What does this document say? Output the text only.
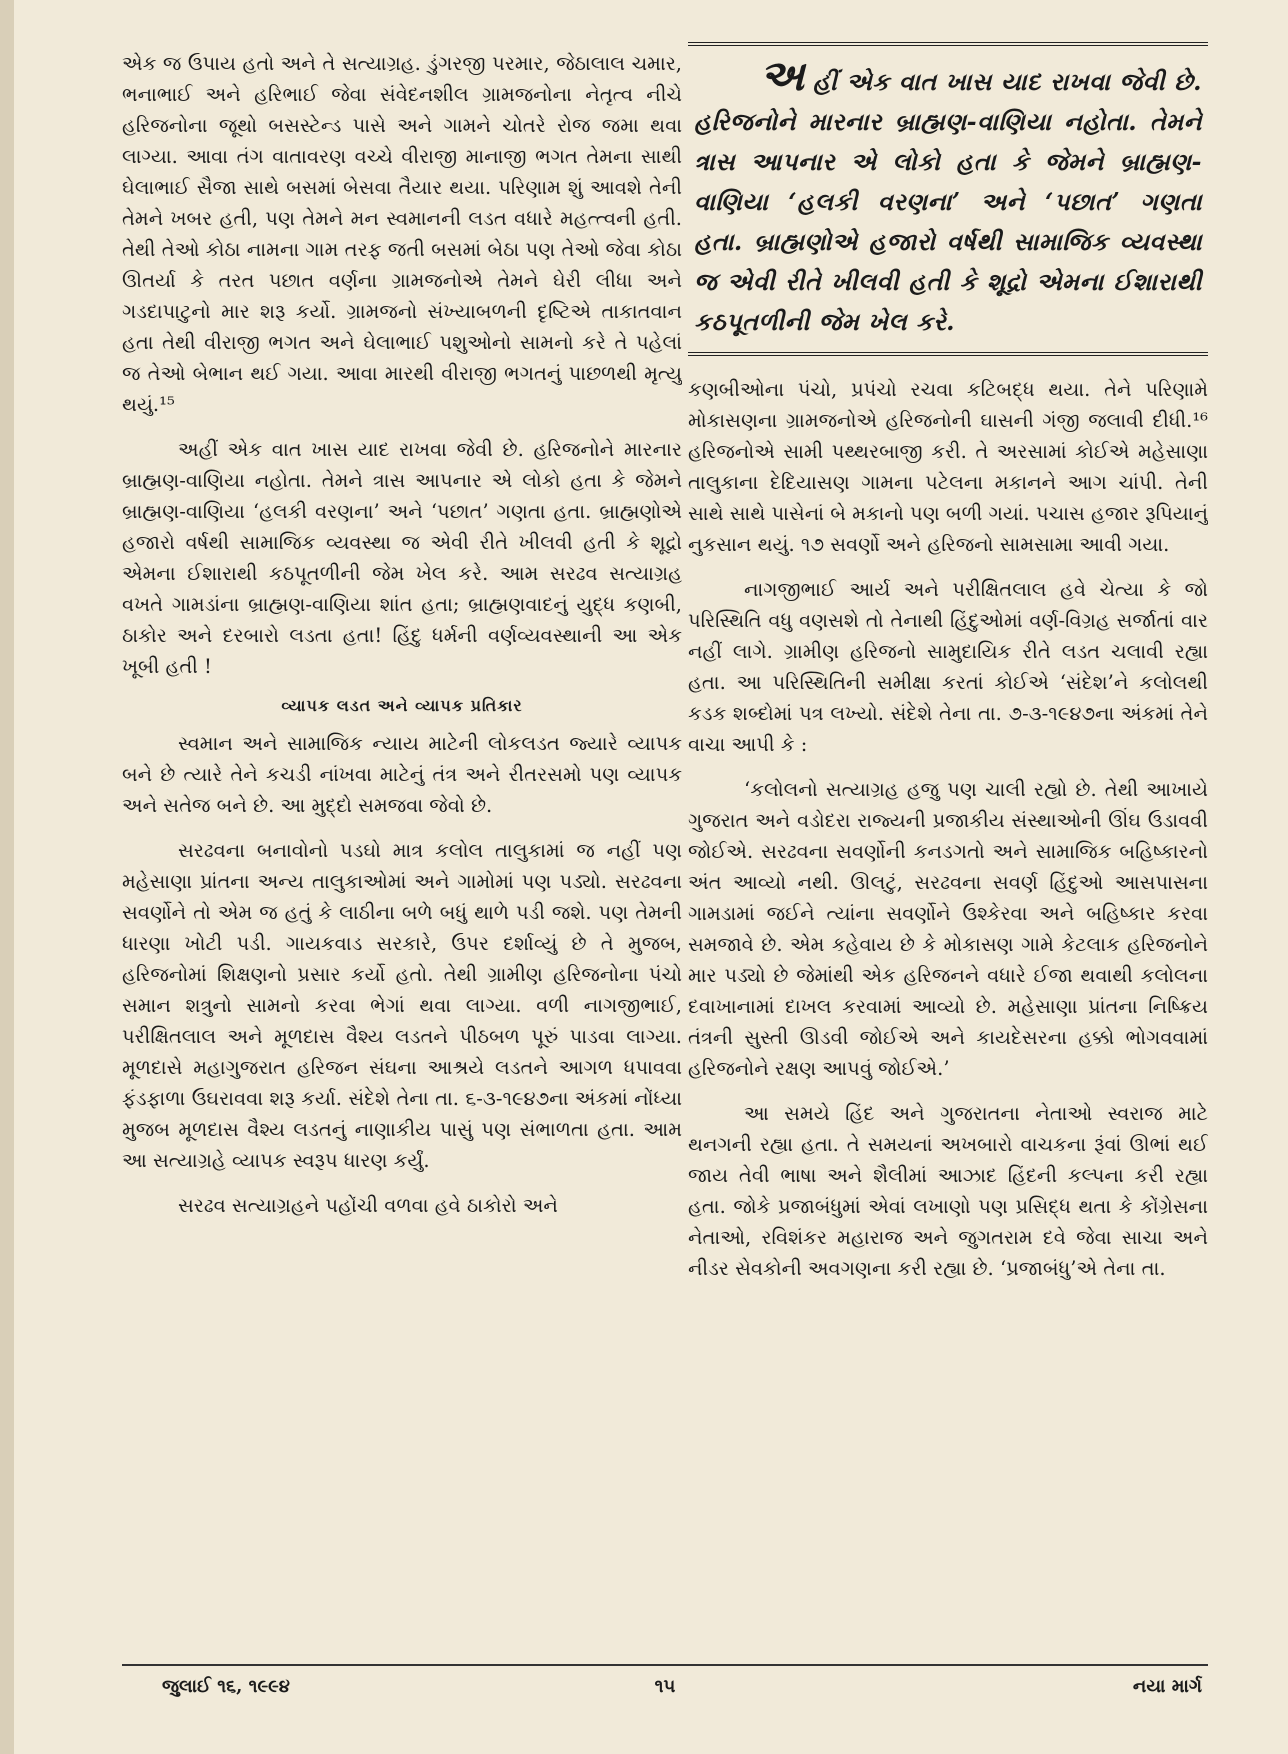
એક જ ઉપાય હતો અને તે સત્યાગ્રહ. ડુંગરજી પરમાર, જેઠાલાલ ચમાર, ભનાભાઈ અને હરિભાઈ જેવા સંવેદનશીલ ગ્રામજનોના નેતૃત્વ નીચે હરિજનોના જૂથો બસસ્ટેન્ડ પાસે અને ગામને ચોતરે રોજ જમા થવા લાગ્યા. આવા તંગ વાતાવરણ વચ્ચે વીરાજી માનાજી ભગત તેમના સાથી ઘેલાભાઈ સૈજા સાથે બસમાં બેસવા તૈયાર થયા. પરિણામ શું આવશે તેની તેમને ખબર હતી, પણ તેમને મન સ્વમાનની લડત વધારે મહત્ત્વની હતી. તેથી તેઓ કોઠા નામના ગામ તરફ જતી બસમાં બેઠા પણ તેઓ જેવા કોઠા ઊતર્યા કે તરત પછાત વર્ણના ગ્રામજનોએ તેમને ઘેરી લીધા અને ગડદાપાટુનો માર શરૂ કર્યો. ગ્રામજનો સંખ્યાબળની દૃષ્ટિએ તાકાતવાન હતા તેથી વીરાજી ભગત અને ઘેલાભાઈ પશુઓનો સામનો કરે તે પહેલાં જ તેઓ બેભાન થઈ ગયા. આવા મારથી વીરાજી ભગતનું પાછળથી મૃત્યુ થયું.¹⁵

અહીં એક વાત ખાસ યાદ રાખવા જેવી છે. હરિજનોને મારનાર બ્રાહ્મણ-વાણિયા નહોતા. તેમને ત્રાસ આપનાર એ લોકો હતા કે જેમને બ્રાહ્મણ-વાણિયા ‘હલકી વરણના’ અને ‘પછાત’ ગણતા હતા. બ્રાહ્મણોએ હજારો વર્ષથી સામાજિક વ્યવસ્થા જ એવી રીતે ખીલવી હતી કે શૂદ્રો એમના ઈશારાથી કઠપૂતળીની જેમ ખેલ કરે. આમ સરઢવ સત્યાગ્રહ વખતે ગામડાંના બ્રાહ્મણ-વાણિયા શાંત હતા; બ્રાહ્મણવાદનું યુદ્ધ કણબી, ઠાકોર અને દરબારો લડતા હતા! હિંદુ ધર્મની વર્ણવ્યવસ્થાની આ એક ખૂબી હતી !

વ્યાપક લડત અને વ્યાપક પ્રતિકાર

સ્વમાન અને સામાજિક ન્યાય માટેની લોકલડત જ્યારે વ્યાપક બને છે ત્યારે તેને કચડી નાંખવા માટેનું તંત્ર અને રીતરસમો પણ વ્યાપક અને સતેજ બને છે. આ મુદ્દો સમજવા જેવો છે.

સરઢવના બનાવોનો પડઘો માત્ર કલોલ તાલુકામાં જ નહીં પણ મહેસાણા પ્રાંતના અન્ય તાલુકાઓમાં અને ગામોમાં પણ પડ્યો. સરઢવના સવર્ણોને તો એમ જ હતું કે લાઠીના બળે બધું થાળે પડી જશે. પણ તેમની ધારણા ખોટી પડી. ગાયકવાડ સરકારે, ઉપર દર્શાવ્યું છે તે મુજબ, હરિજનોમાં શિક્ષણનો પ્રસાર કર્યો હતો. તેથી ગ્રામીણ હરિજનોના પંચો સમાન શત્રુનો સામનો કરવા ભેગાં થવા લાગ્યા. વળી નાગજીભાઈ, પરીક્ષિતલાલ અને મૂળદાસ વૈશ્ય લડતને પીઠબળ પૂરું પાડવા લાગ્યા. મૂળદાસે મહાગુજરાત હરિજન સંઘના આશ્રયે લડતને આગળ ધપાવવા ફંડફાળા ઉઘરાવવા શરૂ કર્યા. સંદેશે તેના તા. ૬-૩-૧૯૪૭ના અંકમાં નોંધ્યા મુજબ મૂળદાસ વૈશ્ય લડતનું નાણાકીય પાસું પણ સંભાળતા હતા. આમ આ સત્યાગ્રહે વ્યાપક સ્વરૂપ ધારણ કર્યું.

સરઢવ સત્યાગ્રહને પહોંચી વળવા હવે ઠાકોરો અને

અહીં એક વાત ખાસ યાદ રાખવા જેવી છે. હરિજનોને મારનાર બ્રાહ્મણ-વાણિયા નહોતા. તેમને ત્રાસ આપનાર એ લોકો હતા કે જેમને બ્રાહ્મણ-વાણિયા ‘હલકી વરણના’ અને ‘પછાત’ ગણતા હતા. બ્રાહ્મણોએ હજારો વર્ષથી સામાજિક વ્યવસ્થા જ એવી રીતે ખીલવી હતી કે શૂદ્રો એમના ઈશારાથી કઠપૂતળીની જેમ ખેલ કરે.

કણબીઓના પંચો, પ્રપંચો રચવા કટિબદ્ધ થયા. તેને પરિણામે મોકાસણના ગ્રામજનોએ હરિજનોની ઘાસની ગંજી જલાવી દીધી.¹⁶ હરિજનોએ સામી પથ્થરબાજી કરી. તે અરસામાં કોઈએ મહેસાણા તાલુકાના દેદિયાસણ ગામના પટેલના મકાનને આગ ચાંપી. તેની સાથે સાથે પાસેનાં બે મકાનો પણ બળી ગયાં. પચાસ હજાર રૂપિયાનું નુકસાન થયું. ૧૭ સવર્ણો અને હરિજનો સામસામા આવી ગયા.

નાગજીભાઈ આર્ય અને પરીક્ષિતલાલ હવે ચેત્યા કે જો પરિસ્થિતિ વધુ વણસશે તો તેનાથી હિંદુઓમાં વર્ણ-વિગ્રહ સર્જાતાં વાર નહીં લાગે. ગ્રામીણ હરિજનો સામુદાયિક રીતે લડત ચલાવી રહ્યા હતા. આ પરિસ્થિતિની સમીક્ષા કરતાં કોઈએ ‘સંદેશ’ને કલોલથી કડક શબ્દોમાં પત્ર લખ્યો. સંદેશે તેના તા. ૭-૩-૧૯૪૭ના અંકમાં તેને વાચા આપી કે :

‘કલોલનો સત્યાગ્રહ હજુ પણ ચાલી રહ્યો છે. તેથી આખાયે ગુજરાત અને વડોદરા રાજ્યની પ્રજાકીય સંસ્થાઓની ઊંઘ ઉડાવવી જોઈએ. સરઢવના સવર્ણોની કનડગતો અને સામાજિક બહિષ્કારનો અંત આવ્યો નથી. ઊલટું, સરઢવના સવર્ણ હિંદુઓ આસપાસના ગામડામાં જઈને ત્યાંના સવર્ણોને ઉશ્કેરવા અને બહિષ્કાર કરવા સમજાવે છે. એમ કહેવાય છે કે મોકાસણ ગામે કેટલાક હરિજનોને માર પડ્યો છે જેમાંથી એક હરિજનને વધારે ઈજા થવાથી કલોલના દવાખાનામાં દાખલ કરવામાં આવ્યો છે. મહેસાણા પ્રાંતના નિષ્ક્રિય તંત્રની સુસ્તી ઊડવી જોઈએ અને કાયદેસરના હક્કો ભોગવવામાં હરિજનોને રક્ષણ આપવું જોઈએ.’

આ સમયે હિંદ અને ગુજરાતના નેતાઓ સ્વરાજ માટે થનગની રહ્યા હતા. તે સમયનાં અખબારો વાચકના રૂંવાં ઊભાં થઈ જાય તેવી ભાષા અને શૈલીમાં આઝાદ હિંદની કલ્પના કરી રહ્યા હતા. જોકે પ્રજાબંધુમાં એવાં લખાણો પણ પ્રસિદ્ધ થતા કે કોંગ્રેસના નેતાઓ, રવિશંકર મહારાજ અને જુગતરામ દવે જેવા સાચા અને નીડર સેવકોની અવગણના કરી રહ્યા છે. ‘પ્રજાબંધુ’એ તેના તા.

જુલાઈ ૧૬, ૧૯૯૪	૧૫	નયા માર્ગ
